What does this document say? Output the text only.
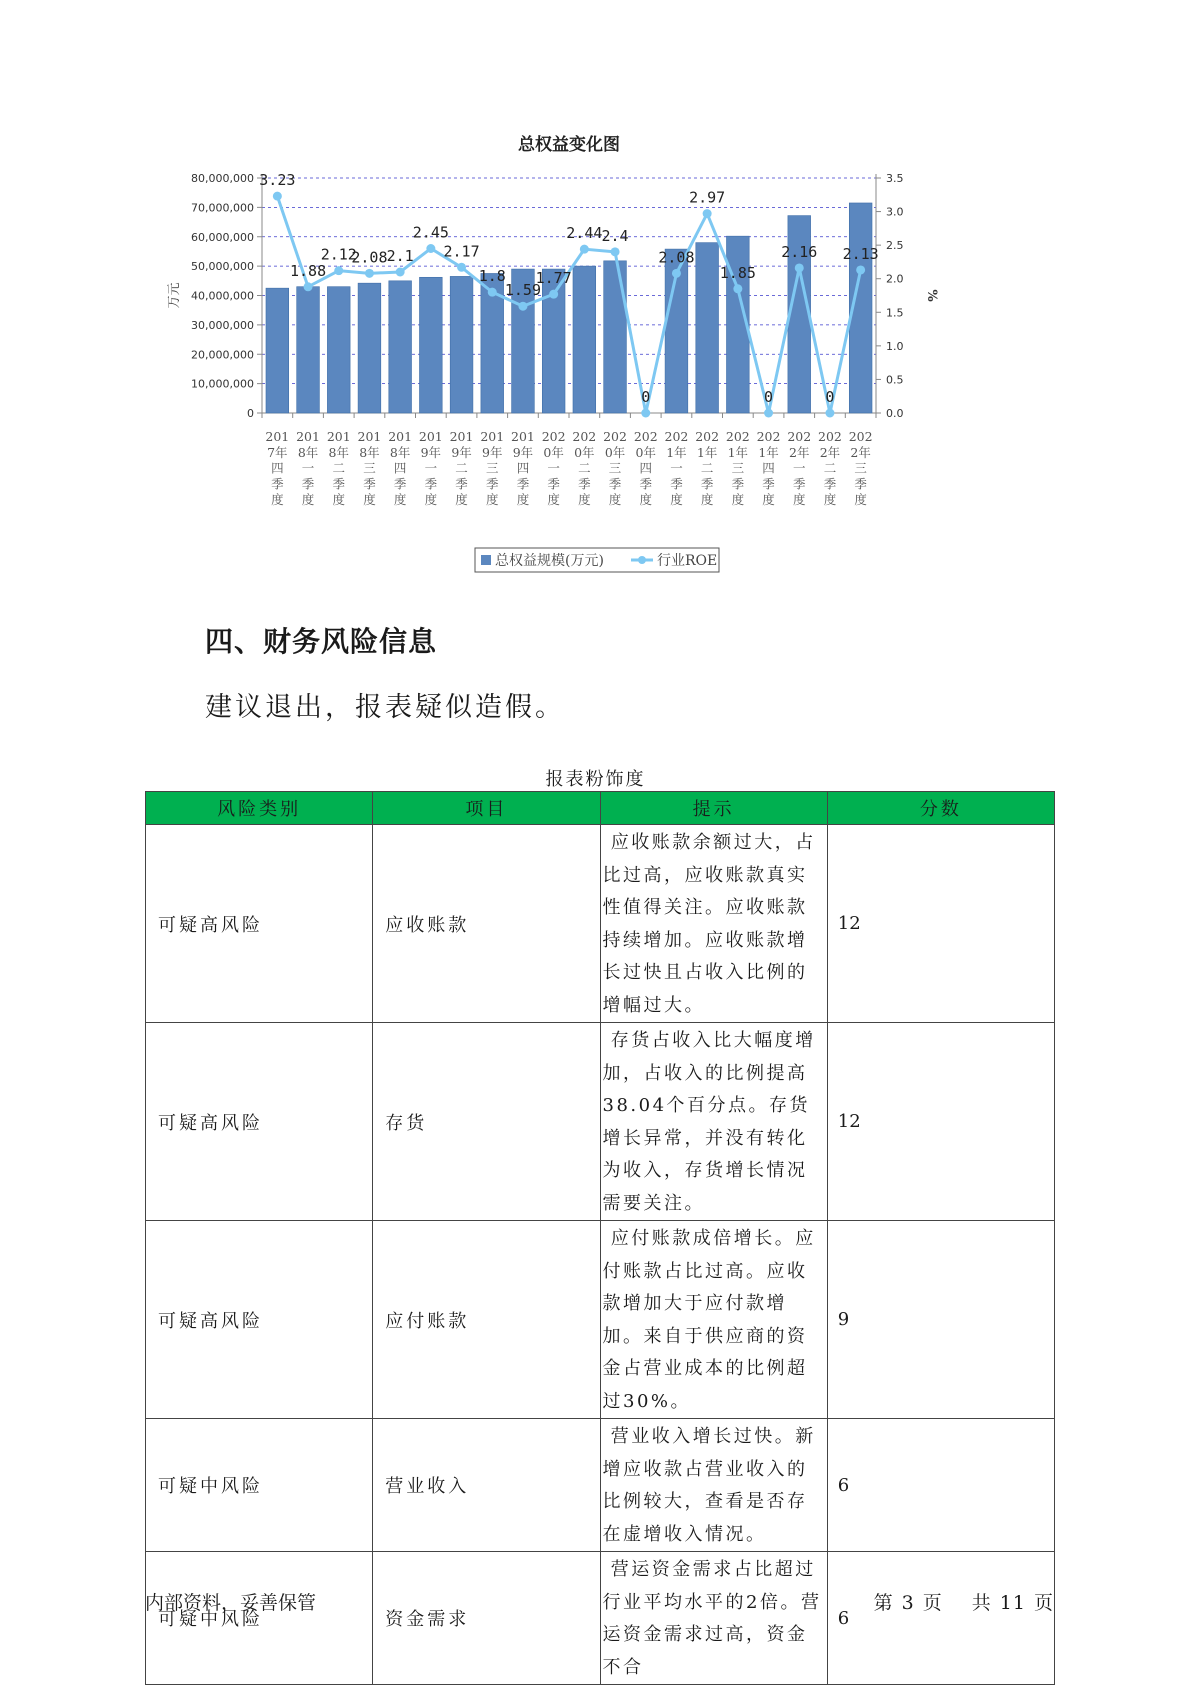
总权益变化图
0
10,000,000
20,000,000
30,000,000
40,000,000
50,000,000
60,000,000
70,000,000
80,000,000
0.0
0.5
1.0
1.5
2.0
2.5
3.0
3.5
万元	%
201 7年四季度
201 8年一季度
201 8年二季度
201 8年三季度
201 8年四季度
201 9年一季度
201 9年二季度
201 9年三季度
201 9年四季度
202 0年一季度
202 0年二季度
202 0年三季度
202 0年四季度
202 1年一季度
202 1年二季度
202 1年三季度
202 1年四季度
202 2年一季度
202 2年二季度
202 2年三季度
3.23
1.88
2.12
2.08 2.1
2.45
2.17
1.8
1.59
1.77
2.44 2.4
0
2.08
2.97
1.85
0
2.16
0
2.13
总权益规模(万元)	行业ROE
四、财务风险信息
建议退出，报表疑似造假。
报表粉饰度
风险类别	项目	提示	分数
可疑高风险	应收账款	应收账款余额过大，占比过高，应收账款真实性值得关注。应收账款持续增加。应收账款增长过快且占收入比例的增幅过大。	12
可疑高风险	存货	存货占收入比大幅度增加，占收入的比例提高38.04个百分点。存货增长异常，并没有转化为收入，存货增长情况需要关注。	12
可疑高风险	应付账款	应付账款成倍增长。应付账款占比过高。应收款增加大于应付款增加。来自于供应商的资金占营业成本的比例超过30%。	9
可疑中风险	营业收入	营业收入增长过快。新增应收款占营业收入的比例较大，查看是否存在虚增收入情况。	6
可疑中风险	资金需求	营运资金需求占比超过行业平均水平的2倍。营运资金需求过高，资金不合	6
内部资料，妥善保管	第 3 页 共 11 页
